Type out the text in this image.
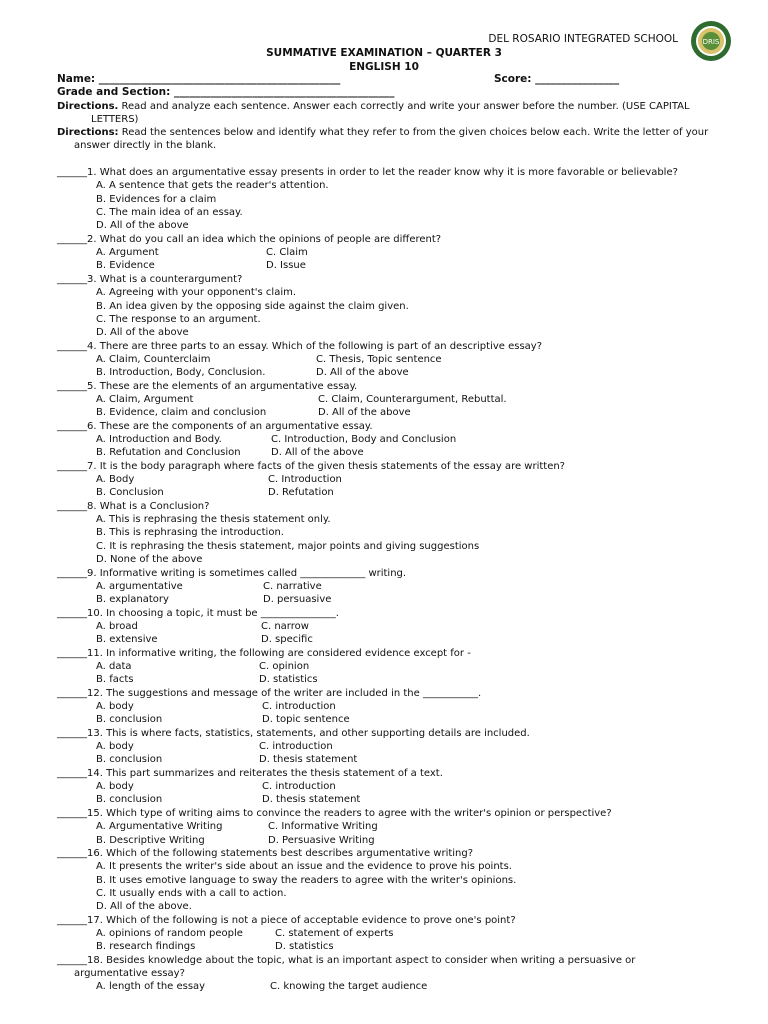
DEL ROSARIO INTEGRATED SCHOOL	DRIS
SUMMATIVE EXAMINATION – QUARTER 3
ENGLISH 10
Name: ______________________________________________	Score: ________________
Grade and Section: __________________________________________
Directions. Read and analyze each sentence. Answer each correctly and write your answer before the number. (USE CAPITAL
LETTERS)
Directions: Read the sentences below and identify what they refer to from the given choices below each. Write the letter of your
answer directly in the blank.
______1. What does an argumentative essay presents in order to let the reader know why it is more favorable or believable?
A. A sentence that gets the reader's attention.
B. Evidences for a claim
C. The main idea of an essay.
D. All of the above
______2. What do you call an idea which the opinions of people are different?
A. Argument	C. Claim
B. Evidence	D. Issue
______3. What is a counterargument?
A. Agreeing with your opponent's claim.
B. An idea given by the opposing side against the claim given.
C. The response to an argument.
D. All of the above
______4. There are three parts to an essay. Which of the following is part of an descriptive essay?
A. Claim, Counterclaim	C. Thesis, Topic sentence
B. Introduction, Body, Conclusion.	D. All of the above
______5. These are the elements of an argumentative essay.
A. Claim, Argument	C. Claim, Counterargument, Rebuttal.
B. Evidence, claim and conclusion	D. All of the above
______6. These are the components of an argumentative essay.
A. Introduction and Body.	C. Introduction, Body and Conclusion
B. Refutation and Conclusion	D. All of the above
______7. It is the body paragraph where facts of the given thesis statements of the essay are written?
A. Body	C. Introduction
B. Conclusion	D. Refutation
______8. What is a Conclusion?
A. This is rephrasing the thesis statement only.
B. This is rephrasing the introduction.
C. It is rephrasing the thesis statement, major points and giving suggestions
D. None of the above
______9. Informative writing is sometimes called _____________ writing.
A. argumentative	C. narrative
B. explanatory	D. persuasive
______10. In choosing a topic, it must be _______________.
A. broad	C. narrow
B. extensive	D. specific
______11. In informative writing, the following are considered evidence except for -
A. data	C. opinion
B. facts	D. statistics
______12. The suggestions and message of the writer are included in the ___________.
A. body	C. introduction
B. conclusion	D. topic sentence
______13. This is where facts, statistics, statements, and other supporting details are included.
A. body	C. introduction
B. conclusion	D. thesis statement
______14. This part summarizes and reiterates the thesis statement of a text.
A. body	C. introduction
B. conclusion	D. thesis statement
______15. Which type of writing aims to convince the readers to agree with the writer's opinion or perspective?
A. Argumentative Writing	C. Informative Writing
B. Descriptive Writing	D. Persuasive Writing
______16. Which of the following statements best describes argumentative writing?
A. It presents the writer's side about an issue and the evidence to prove his points.
B. It uses emotive language to sway the readers to agree with the writer's opinions.
C. It usually ends with a call to action.
D. All of the above.
______17. Which of the following is not a piece of acceptable evidence to prove one's point?
A. opinions of random people	C. statement of experts
B. research findings	D. statistics
______18. Besides knowledge about the topic, what is an important aspect to consider when writing a persuasive or
argumentative essay?
A. length of the essay	C. knowing the target audience
